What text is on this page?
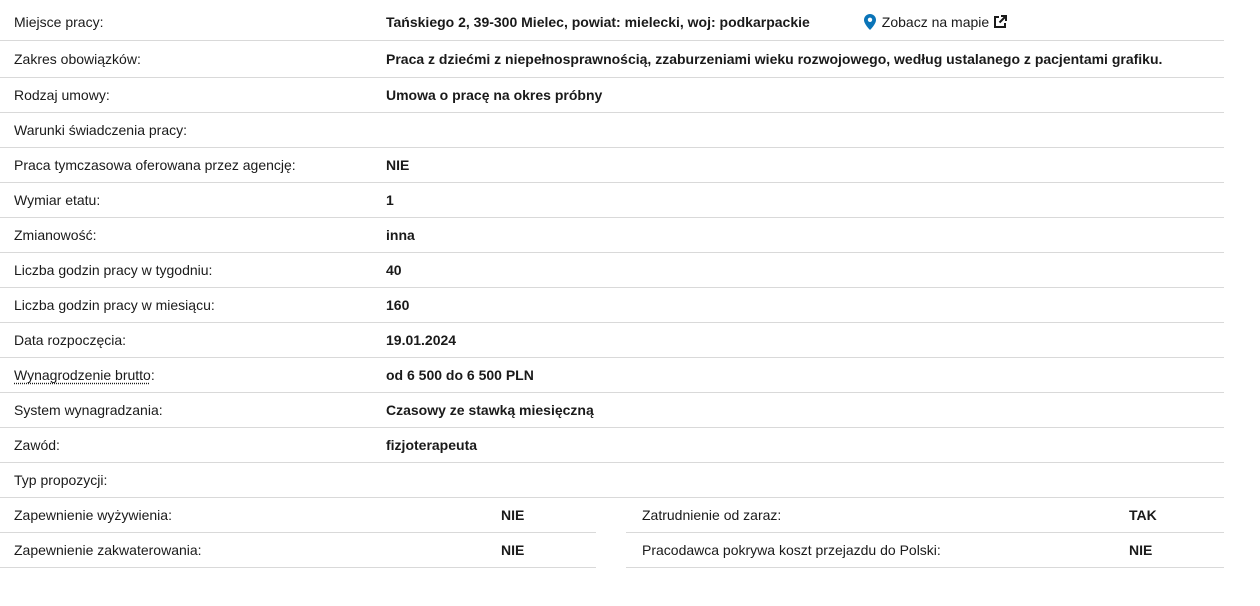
Miejsce pracy:	Tańskiego 2, 39-300 Mielec, powiat: mielecki, woj: podkarpackie	Zobacz na mapie
Zakres obowiązków:	Praca z dziećmi z niepełnosprawnością, zzaburzeniami wieku rozwojowego, według ustalanego z pacjentami grafiku.
Rodzaj umowy:	Umowa o pracę na okres próbny
Warunki świadczenia pracy:
Praca tymczasowa oferowana przez agencję:	NIE
Wymiar etatu:	1
Zmianowość:	inna
Liczba godzin pracy w tygodniu:	40
Liczba godzin pracy w miesiącu:	160
Data rozpoczęcia:	19.01.2024
Wynagrodzenie brutto:	od 6 500 do 6 500 PLN
System wynagradzania:	Czasowy ze stawką miesięczną
Zawód:	fizjoterapeuta
Typ propozycji:
Zapewnienie wyżywienia:	NIE
Zapewnienie zakwaterowania:	NIE
Zatrudnienie od zaraz:	TAK
Pracodawca pokrywa koszt przejazdu do Polski:	NIE
